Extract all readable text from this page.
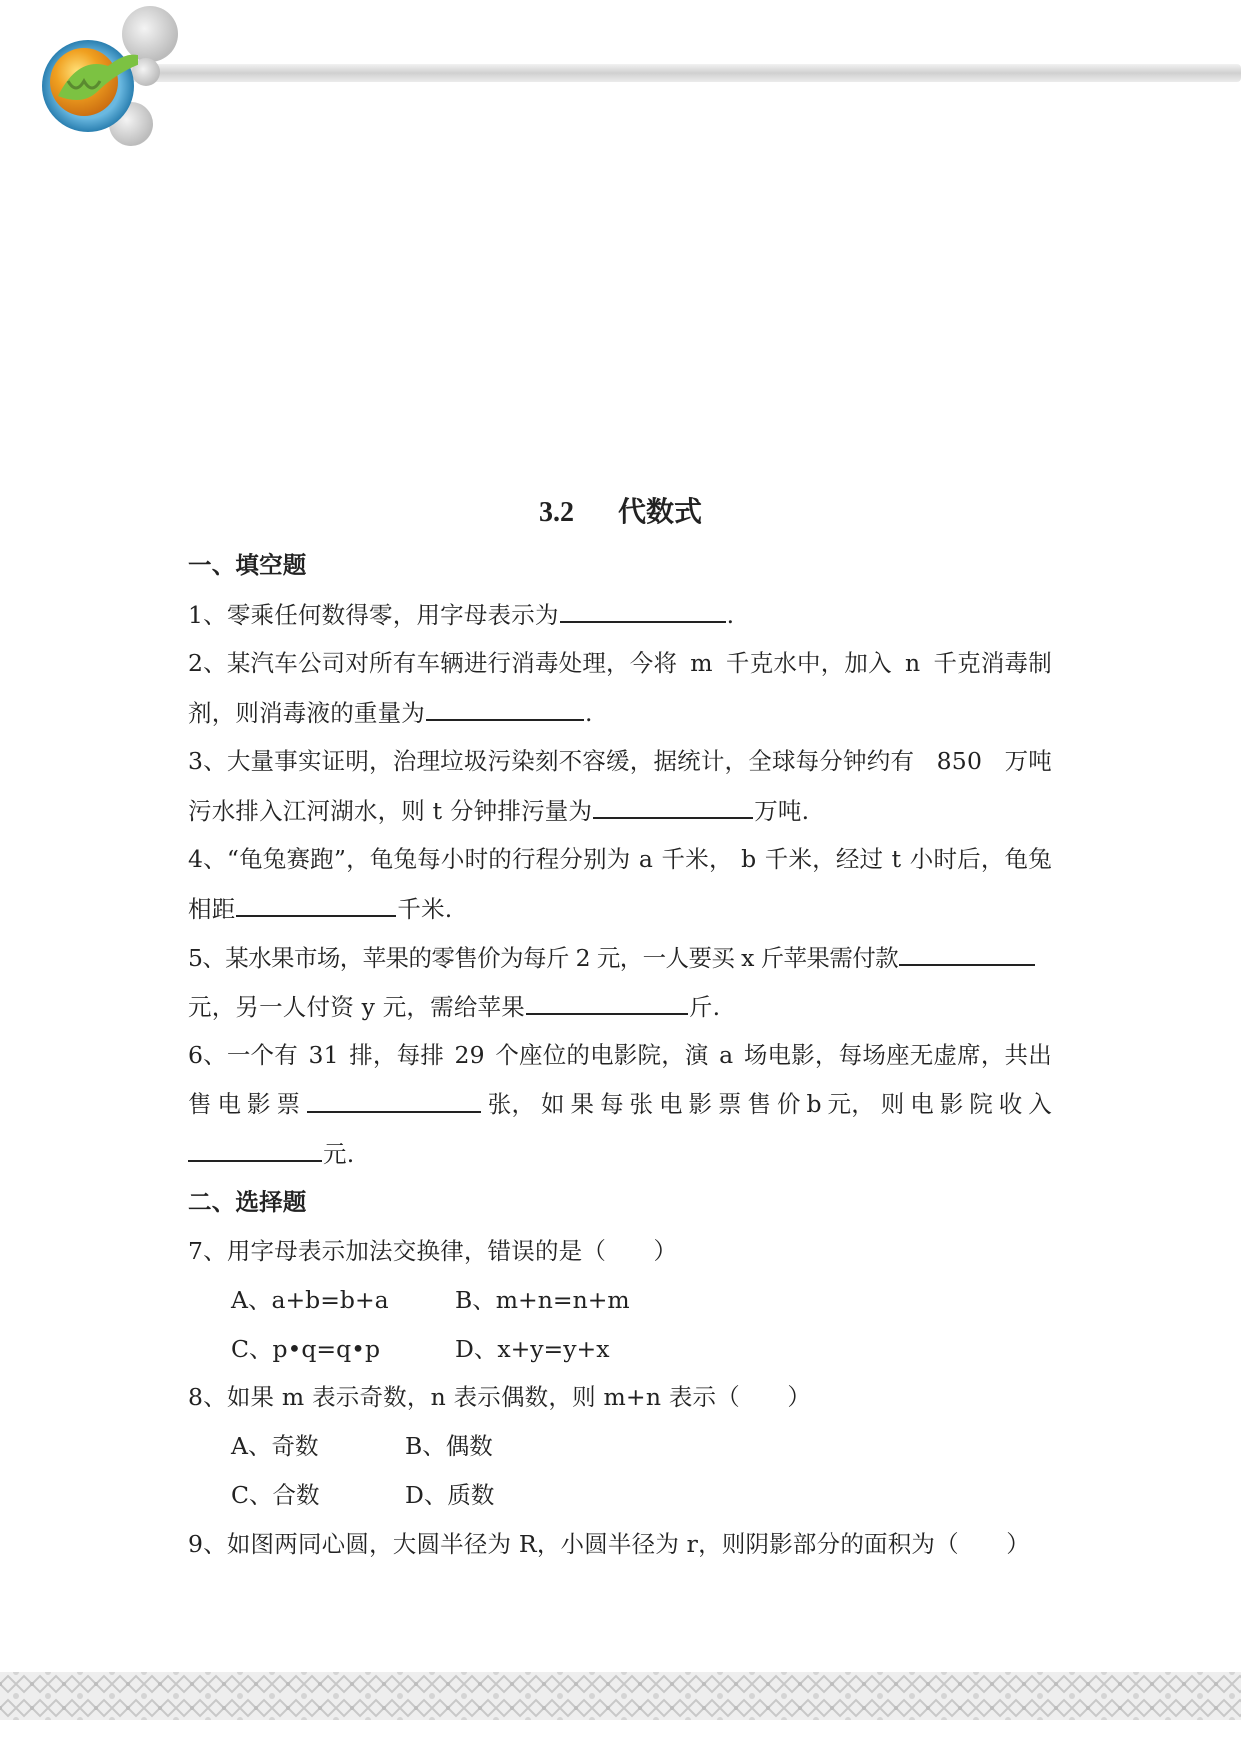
3.2 代数式
一、填空题
1、零乘任何数得零，用字母表示为	.
2、某汽车公司对所有车辆进行消毒处理，今将 m 千克水中，加入 n 千克消毒制
剂，则消毒液的重量为	.
3、大量事实证明，治理垃圾污染刻不容缓，据统计，全球每分钟约有 850 万吨
污水排入江河湖水，则 t 分钟排污量为	万吨.
4、“龟兔赛跑”，龟兔每小时的行程分别为 a 千米， b 千米，经过 t 小时后，龟兔
相距	千米.
5、某水果市场，苹果的零售价为每斤 2 元，一人要买 x 斤苹果需付款
元，另一人付资 y 元，需给苹果	斤.
6、一个有 31 排，每排 29 个座位的电影院，演 a 场电影，每场座无虚席，共出
售 电 影 票	张， 如 果 每 张 电 影 票 售 价 b 元， 则 电 影 院 收 入
元.
二、选择题
7、用字母表示加法交换律，错误的是（　　）
A、a+b=b+a	B、m+n=n+m
C、p•q=q•p	D、x+y=y+x
8、如果 m 表示奇数，n 表示偶数，则 m+n 表示（　　）
A、奇数	B、偶数
C、合数	D、质数
9、如图两同心圆，大圆半径为 R，小圆半径为 r，则阴影部分的面积为（　　）
